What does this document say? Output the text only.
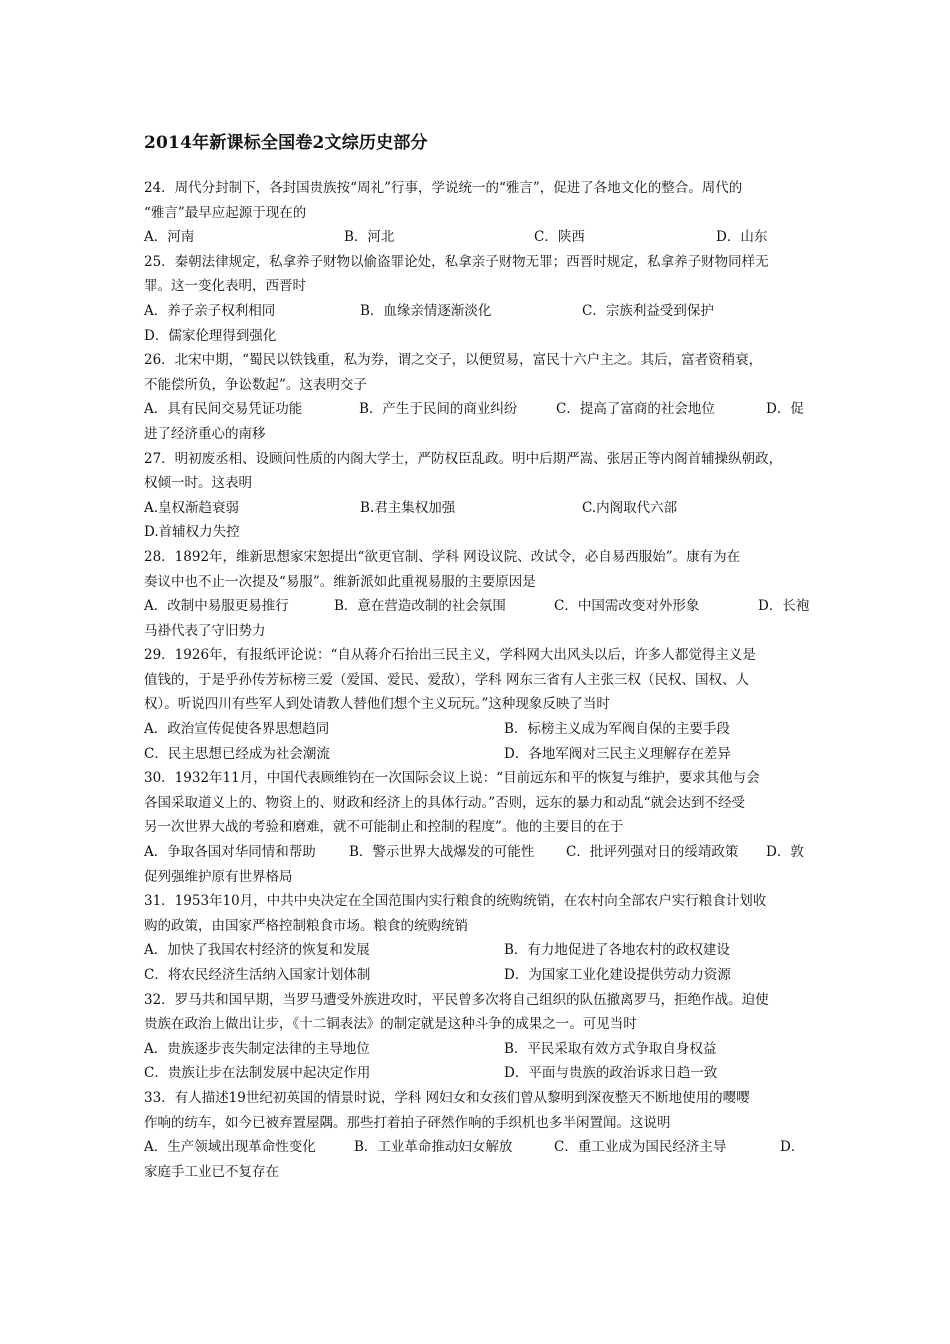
2014年新课标全国卷2文综历史部分
24．周代分封制下，各封国贵族按“周礼”行事，学说统一的“雅言”，促进了各地文化的整合。周代的
“雅言”最早应起源于现在的
A．河南	B．河北	C．陕西	D．山东
25．秦朝法律规定，私拿养子财物以偷盗罪论处，私拿亲子财物无罪；西晋时规定，私拿养子财物同样无
罪。这一变化表明，西晋时
A．养子亲子权利相同	B．血缘亲情逐渐淡化	C．宗族利益受到保护
D．儒家伦理得到强化
26．北宋中期，“蜀民以铁钱重，私为券，谓之交子，以便贸易，富民十六户主之。其后，富者资稍衰，
不能偿所负，争讼数起”。这表明交子
A．具有民间交易凭证功能	B．产生于民间的商业纠纷	C．提高了富商的社会地位	D．促
进了经济重心的南移
27．明初废丞相、设顾问性质的内阁大学士，严防权臣乱政。明中后期严嵩、张居正等内阁首辅操纵朝政，
权倾一时。这表明
A.皇权渐趋衰弱	B.君主集权加强	C.内阁取代六部
D.首辅权力失控
28．1892年，维新思想家宋恕提出“欲更官制、学科 网设议院、改试令，必自易西服始”。康有为在
奏议中也不止一次提及“易服”。维新派如此重视易服的主要原因是
A．改制中易服更易推行	B．意在营造改制的社会氛围	C．中国需改变对外形象	D．长袍
马褂代表了守旧势力
29．1926年，有报纸评论说：“自从蒋介石抬出三民主义，学科网大出风头以后，许多人都觉得主义是
值钱的，于是乎孙传芳标榜三爱（爱国、爱民、爱敌），学科 网东三省有人主张三权（民权、国权、人
权）。听说四川有些军人到处请教人替他们想个主义玩玩。”这种现象反映了当时
A．政治宣传促使各界思想趋同	B．标榜主义成为军阀自保的主要手段
C．民主思想已经成为社会潮流	D．各地军阀对三民主义理解存在差异
30．1932年11月，中国代表顾维钧在一次国际会议上说：“目前远东和平的恢复与维护，要求其他与会
各国采取道义上的、物资上的、财政和经济上的具体行动。”否则，远东的暴力和动乱“就会达到不经受
另一次世界大战的考验和磨难，就不可能制止和控制的程度”。他的主要目的在于
A．争取各国对华同情和帮助 B．警示世界大战爆发的可能性 C．批评列强对日的绥靖政策 D．敦
促列强维护原有世界格局
31．1953年10月，中共中央决定在全国范围内实行粮食的统购统销，在农村向全部农户实行粮食计划收
购的政策，由国家严格控制粮食市场。粮食的统购统销
A．加快了我国农村经济的恢复和发展	B．有力地促进了各地农村的政权建设
C．将农民经济生活纳入国家计划体制	D．为国家工业化建设提供劳动力资源
32．罗马共和国早期，当罗马遭受外族进攻时，平民曾多次将自己组织的队伍撤离罗马，拒绝作战。迫使
贵族在政治上做出让步，《十二铜表法》的制定就是这种斗争的成果之一。可见当时
A．贵族逐步丧失制定法律的主导地位	B．平民采取有效方式争取自身权益
C．贵族让步在法制发展中起决定作用	D．平面与贵族的政治诉求日趋一致
33．有人描述19世纪初英国的情景时说，学科 网妇女和女孩们曾从黎明到深夜整天不断地使用的嘤嘤
作响的纺车，如今已被弃置屋隅。那些打着拍子砰然作响的手织机也多半闲置闻。这说明
A．生产领域出现革命性变化	B．工业革命推动妇女解放	C．重工业成为国民经济主导	D．
家庭手工业已不复存在
